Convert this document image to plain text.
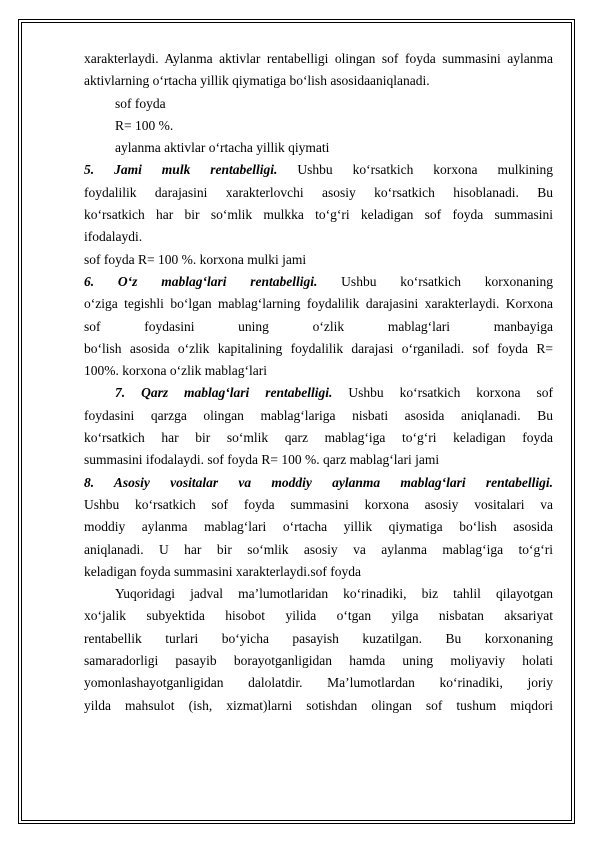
xarakterlaydi. Aylanma aktivlar rentabelligi olingan sof foyda summasini aylanma

aktivlarning o‘rtacha yillik qiymatiga bo‘lish asosidaaniqlanadi.

sof foyda

R= 100 %.

aylanma aktivlar o‘rtacha yillik qiymati

5. Jami mulk rentabelligi. Ushbu ko‘rsatkich korxona mulkining

foydalilik darajasini xarakterlovchi asosiy ko‘rsatkich hisoblanadi. Bu

ko‘rsatkich har bir so‘mlik mulkka to‘g‘ri keladigan sof foyda summasini

ifodalaydi.

sof foyda R= 100 %. korxona mulki jami

6. O‘z mablag‘lari rentabelligi. Ushbu ko‘rsatkich korxonaning

o‘ziga tegishli bo‘lgan mablag‘larning foydalilik darajasini xarakterlaydi. Korxona

sof foydasini uning o‘zlik mablag‘lari manbayiga

bo‘lish asosida o‘zlik kapitalining foydalilik darajasi o‘rganiladi. sof foyda R=

100%. korxona o‘zlik mablag‘lari

7. Qarz mablag‘lari rentabelligi. Ushbu ko‘rsatkich korxona sof

foydasini qarzga olingan mablag‘lariga nisbati asosida aniqlanadi. Bu

ko‘rsatkich har bir so‘mlik qarz mablag‘iga to‘g‘ri keladigan foyda

summasini ifodalaydi. sof foyda R= 100 %. qarz mablag‘lari jami

8. Asosiy vositalar va moddiy aylanma mablag‘lari rentabelligi.

Ushbu ko‘rsatkich sof foyda summasini korxona asosiy vositalari va

moddiy aylanma mablag‘lari o‘rtacha yillik qiymatiga bo‘lish asosida

aniqlanadi. U har bir so‘mlik asosiy va aylanma mablag‘iga to‘g‘ri

keladigan foyda summasini xarakterlaydi.sof foyda

Yuqoridagi jadval ma’lumotlaridan ko‘rinadiki, biz tahlil qilayotgan

xo‘jalik subyektida hisobot yilida o‘tgan yilga nisbatan aksariyat

rentabellik turlari bo‘yicha pasayish kuzatilgan. Bu korxonaning

samaradorligi pasayib borayotganligidan hamda uning moliyaviy holati

yomonlashayotganligidan dalolatdir. Ma’lumotlardan ko‘rinadiki, joriy

yilda mahsulot (ish, xizmat)larni sotishdan olingan sof tushum miqdori
